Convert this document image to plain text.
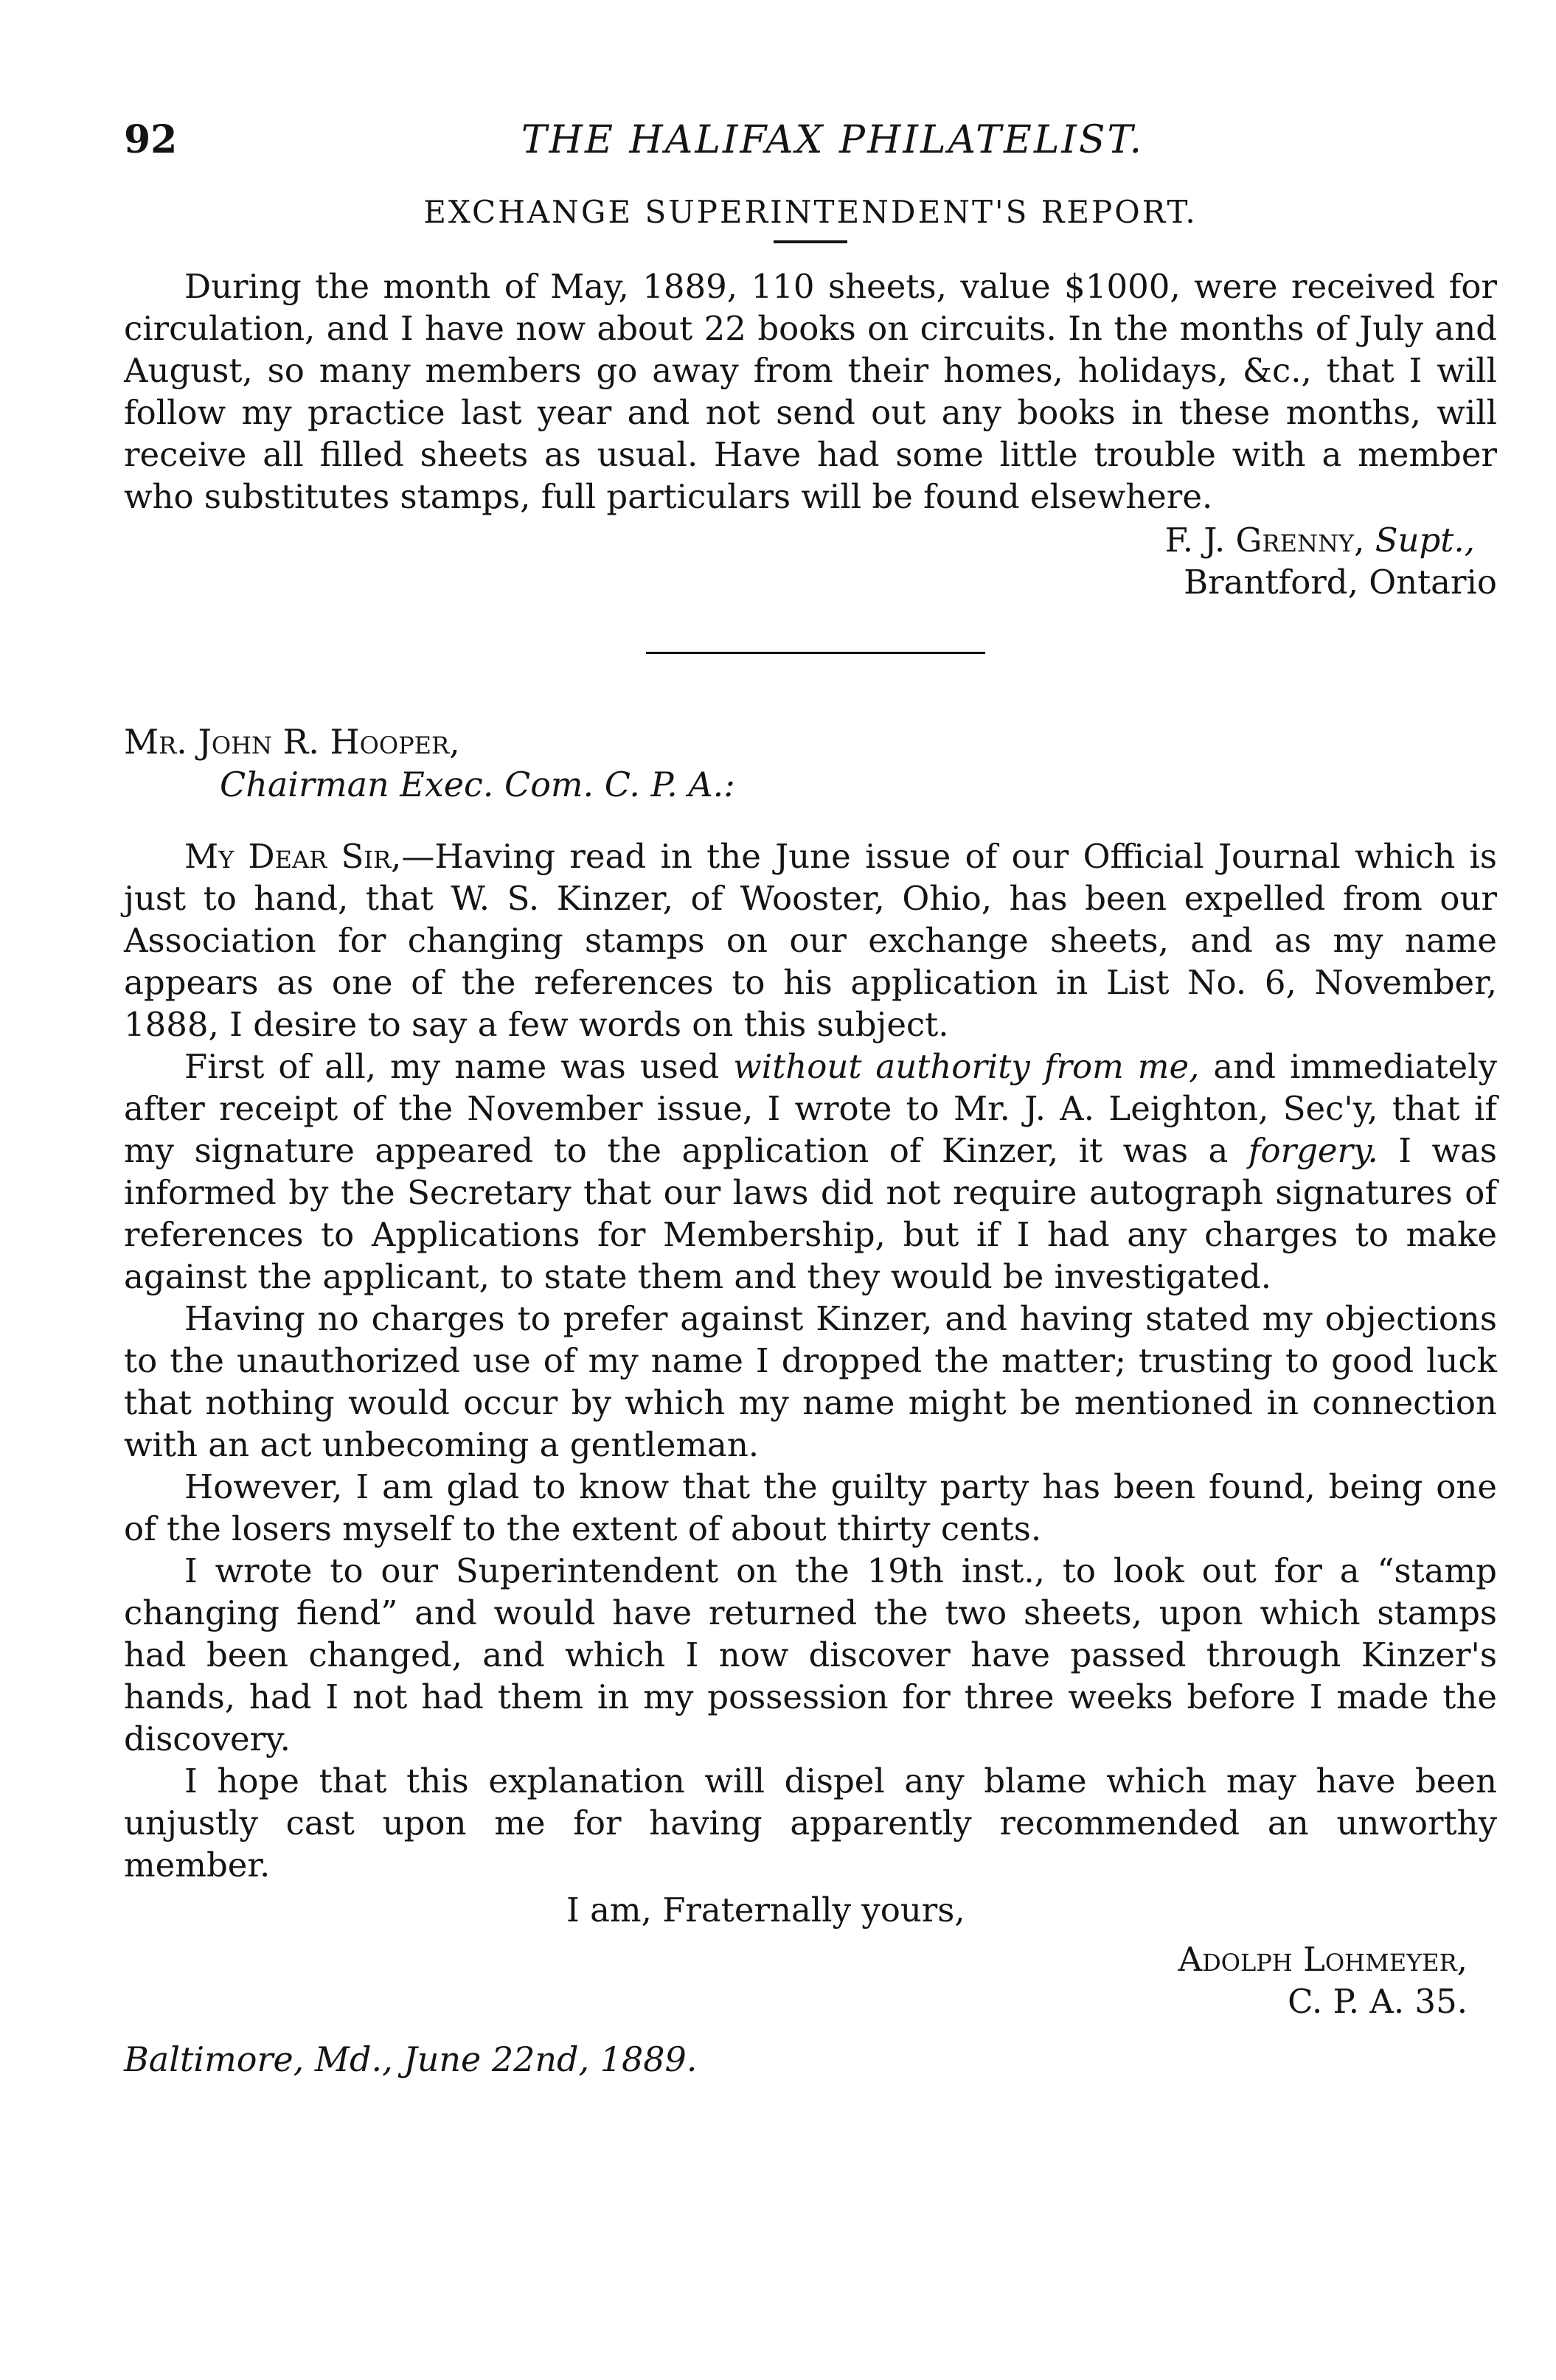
92	THE HALIFAX PHILATELIST.
EXCHANGE SUPERINTENDENT'S REPORT.

During the month of May, 1889, 110 sheets, value $1000, were received for circulation, and I have now about 22 books on circuits. In the months of July and August, so many members go away from their homes, holidays, &c., that I will follow my practice last year and not send out any books in these months, will receive all filled sheets as usual. Have had some little trouble with a member who substitutes stamps, full particulars will be found elsewhere.

F. J. Grenny, Supt.,
Brantford, Ontario
Mr. John R. Hooper,
Chairman Exec. Com. C. P. A.:

My Dear Sir,—Having read in the June issue of our Official Journal which is just to hand, that W. S. Kinzer, of Wooster, Ohio, has been expelled from our Association for changing stamps on our exchange sheets, and as my name appears as one of the references to his application in List No. 6, November, 1888, I desire to say a few words on this subject.

First of all, my name was used without authority from me, and immediately after receipt of the November issue, I wrote to Mr. J. A. Leighton, Sec'y, that if my signature appeared to the application of Kinzer, it was a forgery. I was informed by the Secretary that our laws did not require autograph signatures of references to Applications for Membership, but if I had any charges to make against the applicant, to state them and they would be investigated.

Having no charges to prefer against Kinzer, and having stated my objections to the unauthorized use of my name I dropped the matter; trusting to good luck that nothing would occur by which my name might be mentioned in connection with an act unbecoming a gentleman.

However, I am glad to know that the guilty party has been found, being one of the losers myself to the extent of about thirty cents.

I wrote to our Superintendent on the 19th inst., to look out for a “stamp changing fiend” and would have returned the two sheets, upon which stamps had been changed, and which I now discover have passed through Kinzer's hands, had I not had them in my possession for three weeks before I made the discovery.

I hope that this explanation will dispel any blame which may have been unjustly cast upon me for having apparently recommended an unworthy member.

I am, Fraternally yours,
Adolph Lohmeyer,
C. P. A. 35.
Baltimore, Md., June 22nd, 1889.
